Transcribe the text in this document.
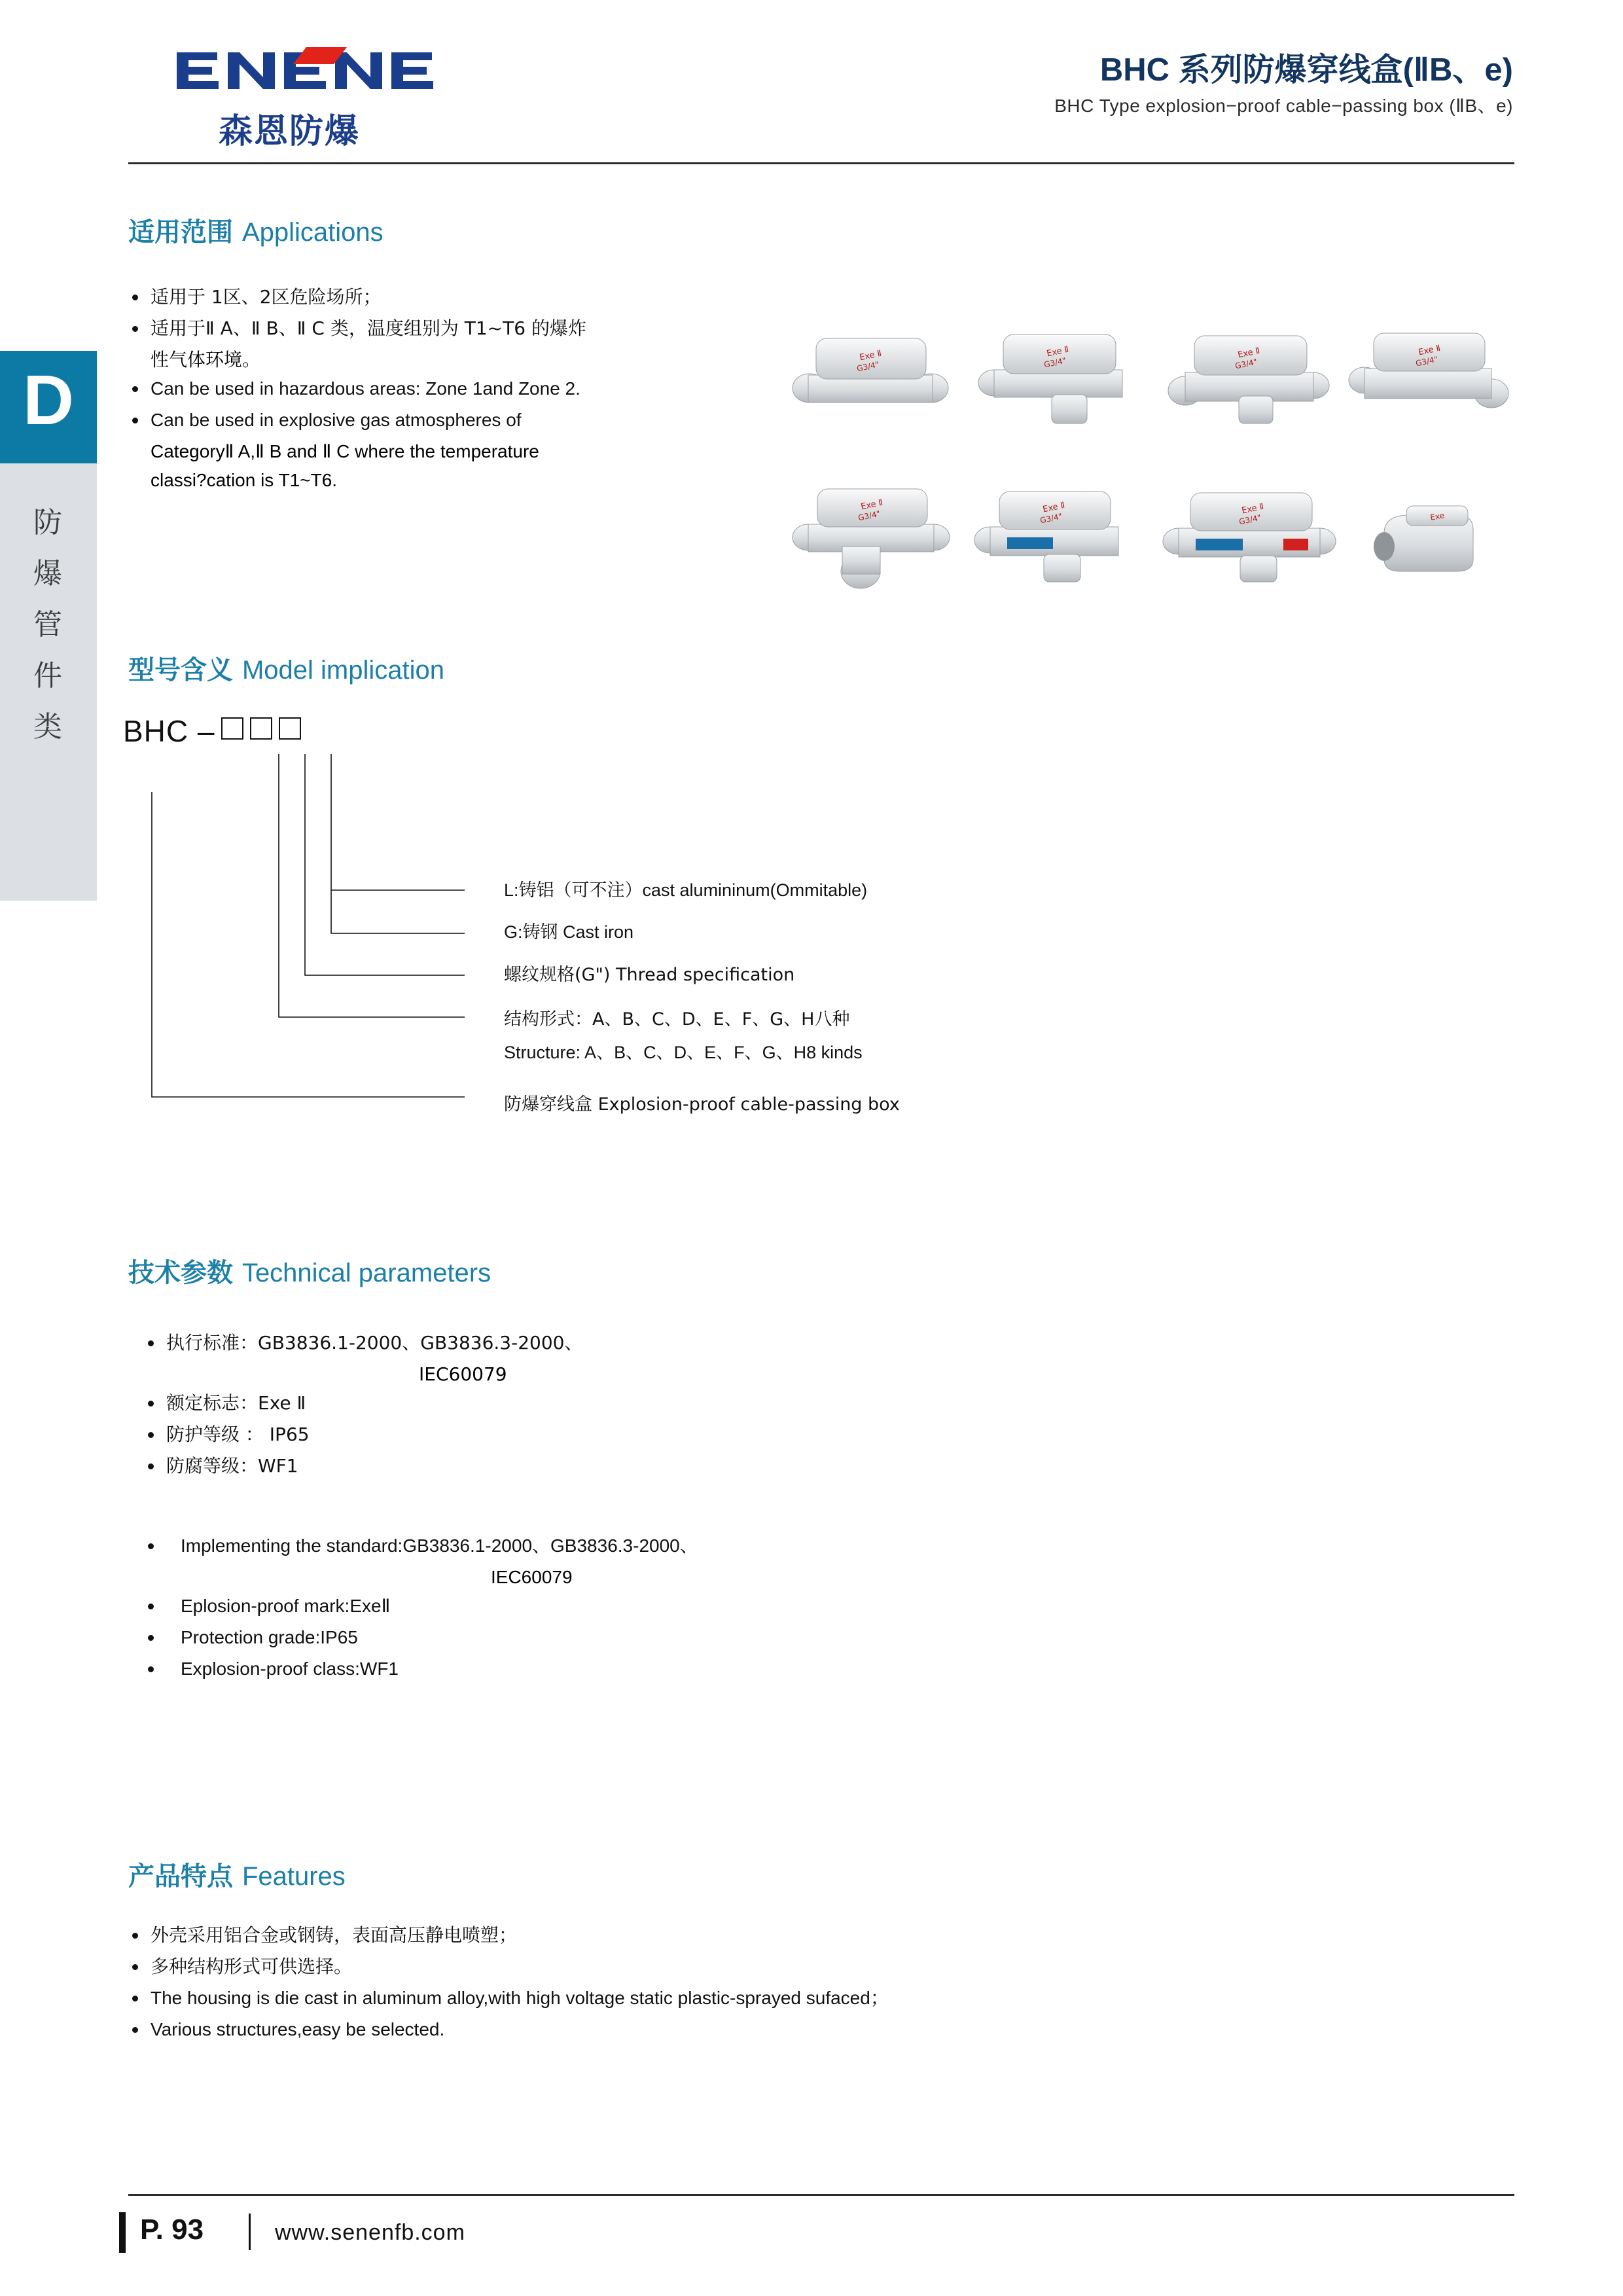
森恩防爆
BHC 系列防爆穿线盒(ⅡB、e)
BHC Type explosion−proof cable−passing box (ⅡB、e)
D
防
爆
管
件
类
适用范围 Applications
适用于 1区、2区危险场所；
适用于Ⅱ A、Ⅱ B、Ⅱ C 类，温度组别为 T1~T6 的爆炸
性气体环境。
Can be used in hazardous areas: Zone 1and Zone 2.
Can be used in explosive gas atmospheres of
CategoryⅡ A,Ⅱ B and Ⅱ C where the temperature
classi?cation is T1~T6.
Exe Ⅱ
G3/4"
Exe Ⅱ
G3/4"
Exe Ⅱ
G3/4"
Exe Ⅱ
G3/4"
Exe Ⅱ
G3/4"
Exe Ⅱ
G3/4"
Exe Ⅱ
G3/4"	Exe
型号含义 Model implication
BHC –
L:铸铝（可不注）cast alumininum(Ommitable)
G:铸钢 Cast iron
螺纹规格(G") Thread specification
结构形式：A、B、C、D、E、F、G、H八种
Structure: A、B、C、D、E、F、G、H8 kinds
防爆穿线盒 Explosion-proof cable-passing box
技术参数 Technical parameters
执行标准：GB3836.1-2000、GB3836.3-2000、
IEC60079
额定标志：Exe Ⅱ
防护等级 ： IP65
防腐等级：WF1
Implementing the standard:GB3836.1-2000、GB3836.3-2000、
IEC60079
Eplosion-proof mark:ExeⅡ
Protection grade:IP65
Explosion-proof class:WF1
产品特点 Features
外壳采用铝合金或钢铸，表面高压静电喷塑；
多种结构形式可供选择。
The housing is die cast in aluminum alloy,with high voltage static plastic-sprayed sufaced；
Various structures,easy be selected.
P. 93	www.senenfb.com
